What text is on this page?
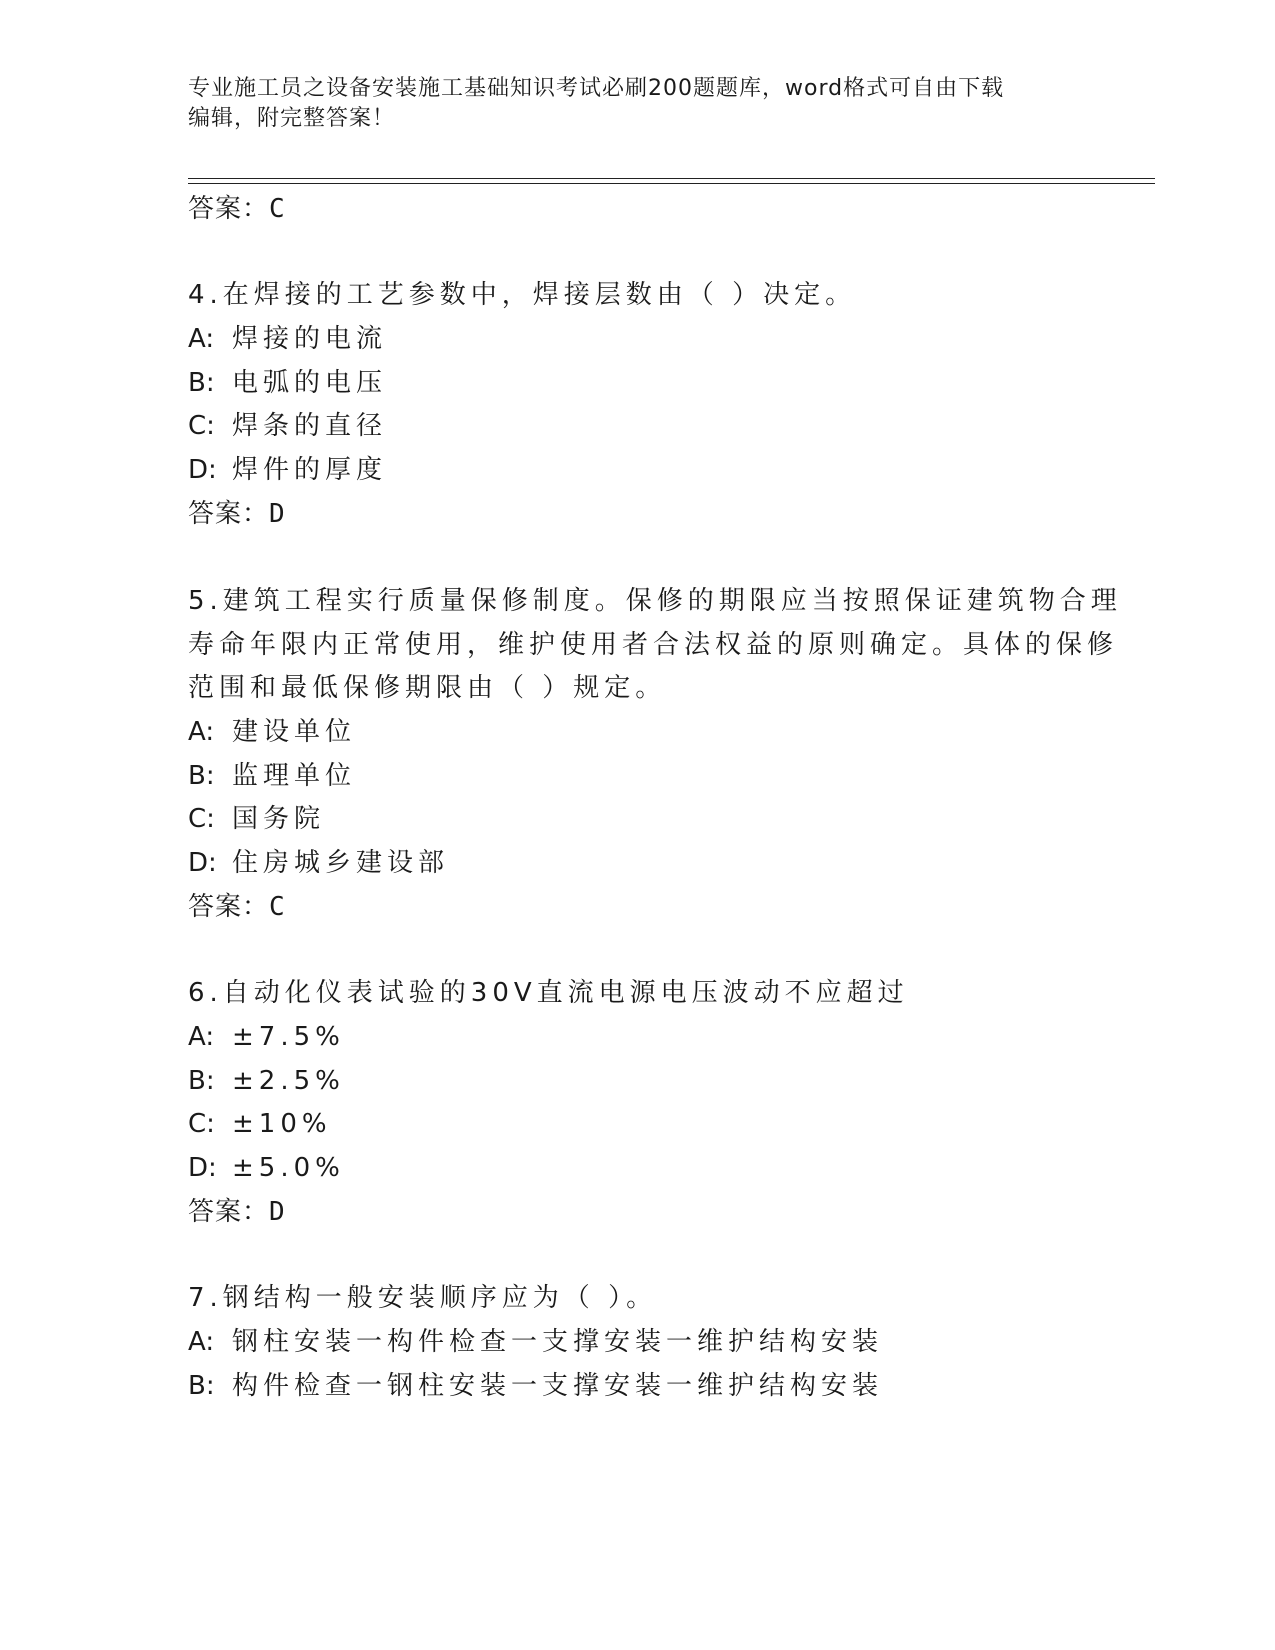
专业施工员之设备安装施工基础知识考试必刷200题题库，word格式可自由下载
编辑，附完整答案！
答案：C
4.在焊接的工艺参数中，焊接层数由（ ）决定。
A: 焊接的电流
B: 电弧的电压
C: 焊条的直径
D: 焊件的厚度
答案：D
5.建筑工程实行质量保修制度。保修的期限应当按照保证建筑物合理
寿命年限内正常使用，维护使用者合法权益的原则确定。具体的保修
范围和最低保修期限由（ ）规定。
A: 建设单位
B: 监理单位
C: 国务院
D: 住房城乡建设部
答案：C
6.自动化仪表试验的30V直流电源电压波动不应超过
A: ±7.5%
B: ±2.5%
C: ±10%
D: ±5.0%
答案：D
7.钢结构一般安装顺序应为（ ）。
A: 钢柱安装一构件检查一支撑安装一维护结构安装
B: 构件检查一钢柱安装一支撑安装一维护结构安装
